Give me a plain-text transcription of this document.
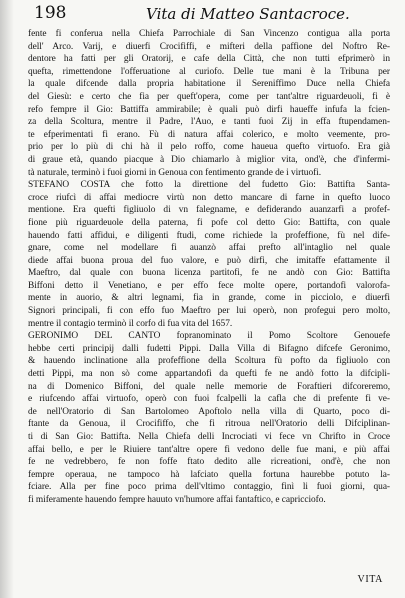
198	Vita di Matteo Santacroce.
fente fi conferua nella Chiefa Parrochiale di San Vincenzo contigua alla porta
dell' Arco. Varij, e diuerfi Crocififfi, e mifteri della paffione del Noftro Re-
dentore ha fatti per gli Oratorij, e cafe della Città, che non tutti efprimerò in
quefta, rimettendone l'offeruatione al curiofo. Delle tue mani è la Tribuna per
la quale difcende dalla propria habitatione il Sereniffimo Duce nella Chiefa
del Giesù: e certo che fia per queft'opera, come per tant'altre riguardeuoli, fi è
refo fempre il Gio: Battiffa ammirabile; è quali può dirfi haueffe infufa la fcien-
za della Scoltura, mentre il Padre, l'Auo, e tanti fuoi Zij in effa ftupendamen-
te efperimentati fi erano. Fù di natura affai colerico, e molto veemente, pro-
prio per lo più di chi hà il pelo roffo, come haueua quefto virtuofo. Era già
di graue età, quando piacque à Dio chiamarlo à miglior vita, ond'è, che d'infermi-
tà naturale, terminò i fuoi giorni in Genoua con fentimento grande de i virtuofi.
STEFANO COSTA che fotto la direttione del fudetto Gio: Battifta Santa-
croce riufcì di affai mediocre virtù non detto mancare di farne in quefto luoco
mentione. Era quefti figliuolo di vn falegname, e defiderando auanzarfi a profef-
fione più riguardeuole della paterna, fi pofe col detto Gio: Battifta, con quale
hauendo fatti affidui, e diligenti ftudi, come richiede la profeffione, fù nel dife-
gnare, come nel modellare fi auanzò affai prefto all'intaglio nel quale
diede affai buona proua del fuo valore, e può dirfi, che imitaffe efattamente il
Maeftro, dal quale con buona licenza partitofi, fe ne andò con Gio: Battifta
Biffoni detto il Venetiano, e per effo fece molte opere, portandofi valorofa-
mente in auorio, & altri legnami, fia in grande, come in picciolo, e diuerfi
Signori principali, fi con effo fuo Maeftro per lui operò, non profegui pero molto,
mentre il contagio terminò il corfo di fua vita del 1657.
GERONIMO DEL CANTO fopranominato il Pomo Scoltore Genouefe
hebbe certi principij dalli fudetti Pippi. Dalla Villa di Bifagno difcefe Geronimo,
& hauendo inclinatione alla profeffione della Scoltura fù pofto da figliuolo con
detti Pippi, ma non sò come appartandofi da quefti fe ne andò fotto la difcipli-
na di Domenico Biffoni, del quale nelle memorie de Foraftieri difcoreremo,
e riufcendo affai virtuofo, operò con fuoi fcalpelli la cafla che di prefente fi ve-
de nell'Oratorio di San Bartolomeo Apoftolo nella villa di Quarto, poco di-
ftante da Genoua, il Crocififfo, che fi ritroua nell'Oratorio delli Difciplinan-
ti di San Gio: Battifta. Nella Chiefa delli Incrociati vi fece vn Chrifto in Croce
affai bello, e per le Riuiere tant'altre opere fi vedono delle fue mani, e più affai
fe ne vedrebbero, fe non foffe ftato dedito alle ricreationi, ond'è, che non
fempre operaua, ne tampoco hà lafciato quella fortuna haurebbe potuto la-
fciare. Alla per fine poco prima dell'vltimo contaggio, finì li fuoi giorni, qua-
fi miferamente hauendo fempre hauuto vn'humore affai fantaftico, e capricciofo.
VITA
